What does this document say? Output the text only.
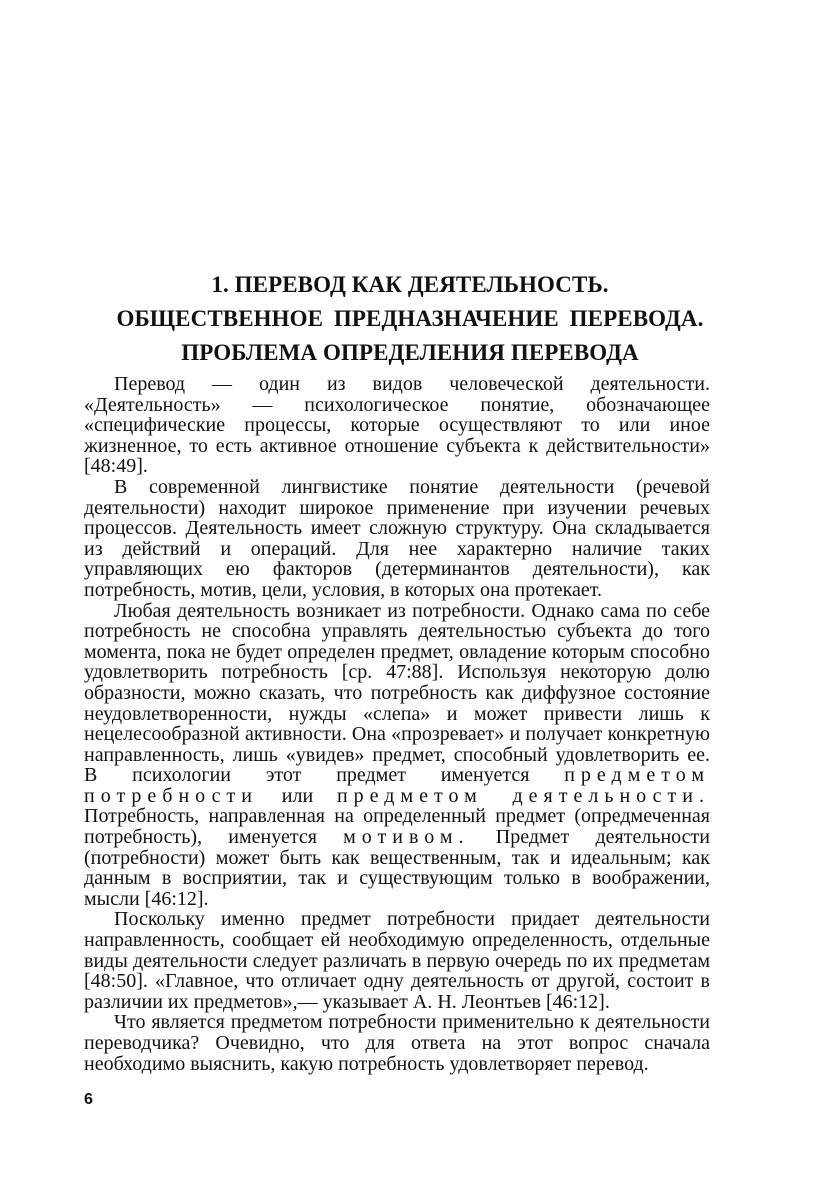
1. ПЕРЕВОД КАК ДЕЯТЕЛЬНОСТЬ.
ОБЩЕСТВЕННОЕ ПРЕДНАЗНАЧЕНИЕ ПЕРЕВОДА.
ПРОБЛЕМА ОПРЕДЕЛЕНИЯ ПЕРЕВОДА

Перевод — один из видов человеческой деятельности. «Деятельность» — психологическое понятие, обозначающее «специфические процессы, которые осуществляют то или иное жизненное, то есть активное отношение субъекта к действительности» [48:49].

В современной лингвистике понятие деятельности (речевой деятельности) находит широкое применение при изучении речевых процессов. Деятельность имеет сложную структуру. Она складывается из действий и операций. Для нее характерно наличие таких управляющих ею факторов (детерминантов деятельности), как потребность, мотив, цели, условия, в которых она протекает.

Любая деятельность возникает из потребности. Однако сама по себе потребность не способна управлять деятельностью субъекта до того момента, пока не будет определен предмет, овладение которым способно удовлетворить потребность [ср. 47:88]. Используя некоторую долю образности, можно сказать, что потребность как диффузное состояние неудовлетворенности, нужды «слепа» и может привести лишь к нецелесообразной активности. Она «прозревает» и получает конкретную направленность, лишь «увидев» предмет, способный удовлетворить ее. В психологии этот предмет именуется предметом потребности или предметом деятельности. Потребность, направленная на определенный предмет (опредмеченная потребность), именуется мотивом. Предмет деятельности (потребности) может быть как вещественным, так и идеальным; как данным в восприятии, так и существующим только в воображении, мысли [46:12].

Поскольку именно предмет потребности придает деятельности направленность, сообщает ей необходимую определенность, отдельные виды деятельности следует различать в первую очередь по их предметам [48:50]. «Главное, что отличает одну деятельность от другой, состоит в различии их предметов»,— указывает А. Н. Леонтьев [46:12].

Что является предметом потребности применительно к деятельности переводчика? Очевидно, что для ответа на этот вопрос сначала необходимо выяснить, какую потребность удовлетворяет перевод.

6
